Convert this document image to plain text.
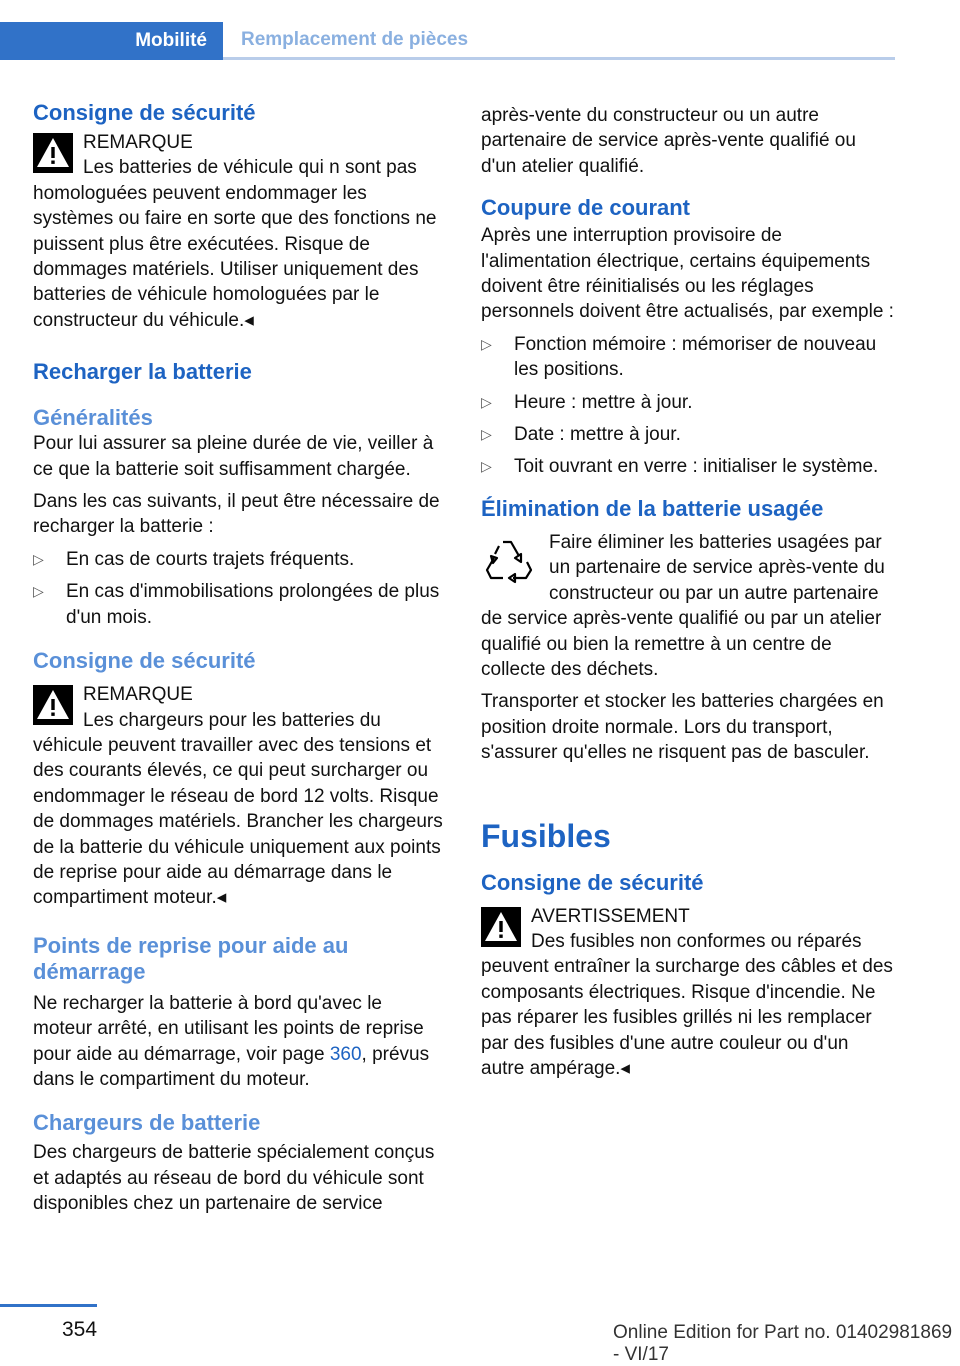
Mobilité	Remplacement de pièces
Consigne de sécurité
REMARQUE
Les batteries de véhicule qui n sont pas homologuées peuvent endommager les systèmes ou faire en sorte que des fonctions ne puissent plus être exécutées. Risque de dommages matériels. Utiliser uniquement des batteries de véhicule homologuées par le constructeur du véhicule.◂
Recharger la batterie
Généralités

Pour lui assurer sa pleine durée de vie, veiller à ce que la batterie soit suffisamment chargée.

Dans les cas suivants, il peut être nécessaire de recharger la batterie :

▷ En cas de courts trajets fréquents.
▷ En cas d'immobilisations prolongées de plus d'un mois.
Consigne de sécurité
REMARQUE
Les chargeurs pour les batteries du véhicule peuvent travailler avec des tensions et des courants élevés, ce qui peut surcharger ou endommager le réseau de bord 12 volts. Risque de dommages matériels. Brancher les chargeurs de la batterie du véhicule uniquement aux points de reprise pour aide au démarrage dans le compartiment moteur.◂
Points de reprise pour aide au démarrage

Ne recharger la batterie à bord qu'avec le moteur arrêté, en utilisant les points de reprise pour aide au démarrage, voir page 360, prévus dans le compartiment du moteur.

Chargeurs de batterie

Des chargeurs de batterie spécialement conçus et adaptés au réseau de bord du véhicule sont disponibles chez un partenaire de service

après-vente du constructeur ou un autre partenaire de service après-vente qualifié ou d'un atelier qualifié.

Coupure de courant

Après une interruption provisoire de l'alimentation électrique, certains équipements doivent être réinitialisés ou les réglages personnels doivent être actualisés, par exemple :

▷ Fonction mémoire : mémoriser de nouveau les positions.
▷ Heure : mettre à jour.
▷ Date : mettre à jour.
▷ Toit ouvrant en verre : initialiser le système.
Élimination de la batterie usagée

Faire éliminer les batteries usagées par un partenaire de service après-vente du constructeur ou par un autre partenaire de service après-vente qualifié ou par un atelier qualifié ou bien la remettre à un centre de collecte des déchets.

Transporter et stocker les batteries chargées en position droite normale. Lors du transport, s'assurer qu'elles ne risquent pas de basculer.

Fusibles
Consigne de sécurité
AVERTISSEMENT
Des fusibles non conformes ou réparés peuvent entraîner la surcharge des câbles et des composants électriques. Risque d'incendie. Ne pas réparer les fusibles grillés ni les remplacer par des fusibles d'une autre couleur ou d'un autre ampérage.◂
354	Online Edition for Part no. 01402981869 - VI/17
